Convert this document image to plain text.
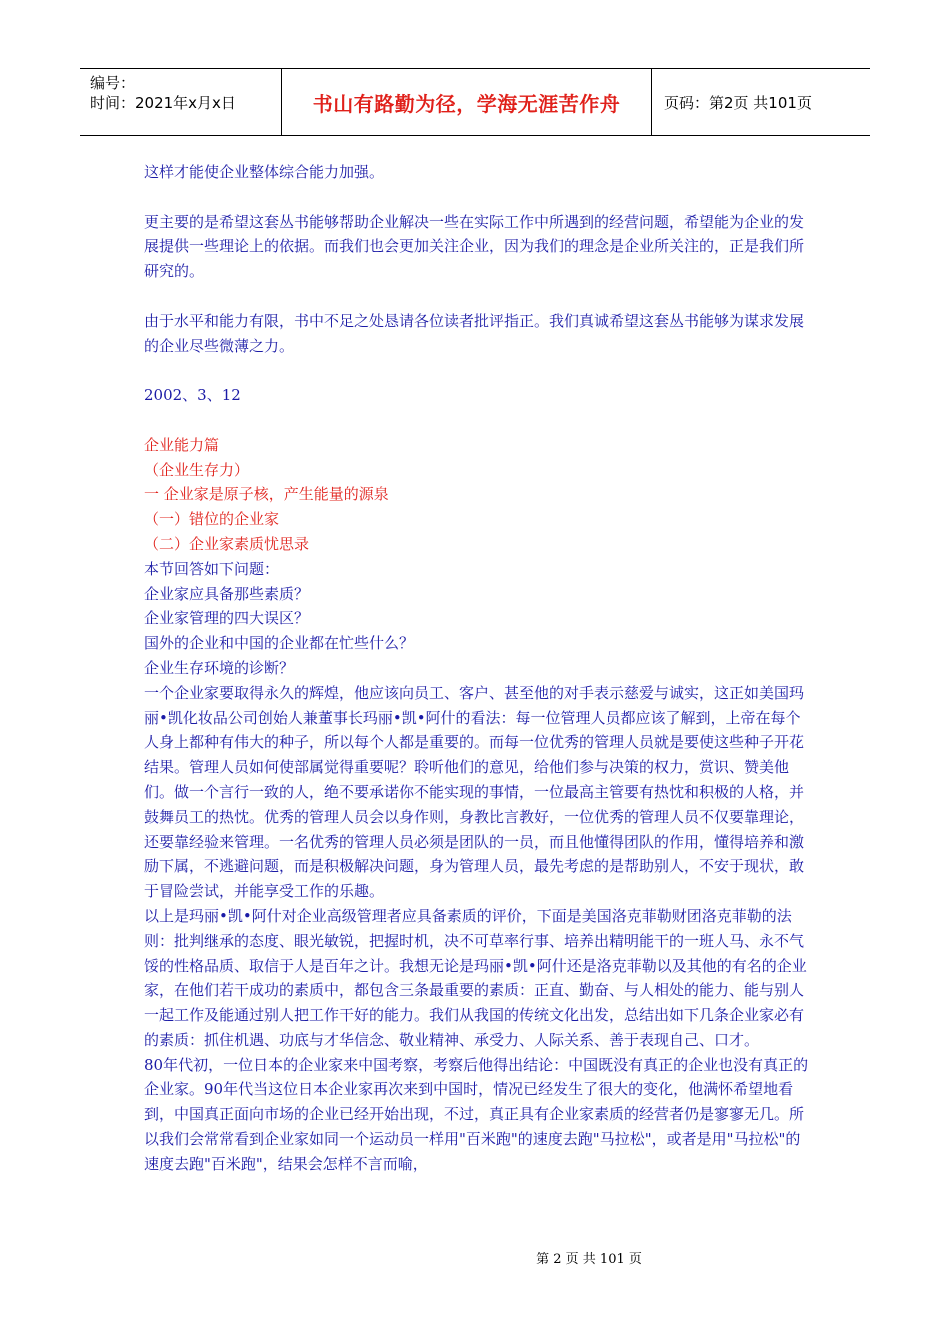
编号：
时间：2021年x月x日	书山有路勤为径，学海无涯苦作舟	页码：第2页 共101页

这样才能使企业整体综合能力加强。

更主要的是希望这套丛书能够帮助企业解决一些在实际工作中所遇到的经营问题，希望能为企业的发展提供一些理论上的依据。而我们也会更加关注企业，因为我们的理念是企业所关注的，正是我们所研究的。

由于水平和能力有限，书中不足之处恳请各位读者批评指正。我们真诚希望这套丛书能够为谋求发展的企业尽些微薄之力。

2002、3、12

企业能力篇

（企业生存力）

一 企业家是原子核，产生能量的源泉

（一）错位的企业家

（二）企业家素质忧思录

本节回答如下问题：

企业家应具备那些素质？

企业家管理的四大误区？

国外的企业和中国的企业都在忙些什么？

企业生存环境的诊断？

一个企业家要取得永久的辉煌，他应该向员工、客户、甚至他的对手表示慈爱与诚实，这正如美国玛丽•凯化妆品公司创始人兼董事长玛丽•凯•阿什的看法：每一位管理人员都应该了解到，上帝在每个人身上都种有伟大的种子，所以每个人都是重要的。而每一位优秀的管理人员就是要使这些种子开花结果。管理人员如何使部属觉得重要呢？聆听他们的意见，给他们参与决策的权力，赏识、赞美他们。做一个言行一致的人，绝不要承诺你不能实现的事情，一位最高主管要有热忱和积极的人格，并鼓舞员工的热忱。优秀的管理人员会以身作则，身教比言教好，一位优秀的管理人员不仅要靠理论，还要靠经验来管理。一名优秀的管理人员必须是团队的一员，而且他懂得团队的作用，懂得培养和激励下属，不逃避问题，而是积极解决问题，身为管理人员，最先考虑的是帮助别人，不安于现状，敢于冒险尝试，并能享受工作的乐趣。

以上是玛丽•凯•阿什对企业高级管理者应具备素质的评价，下面是美国洛克菲勒财团洛克菲勒的法则：批判继承的态度、眼光敏锐，把握时机，决不可草率行事、培养出精明能干的一班人马、永不气馁的性格品质、取信于人是百年之计。我想无论是玛丽•凯•阿什还是洛克菲勒以及其他的有名的企业家，在他们若干成功的素质中，都包含三条最重要的素质：正直、勤奋、与人相处的能力、能与别人一起工作及能通过别人把工作干好的能力。我们从我国的传统文化出发，总结出如下几条企业家必有的素质：抓住机遇、功底与才华信念、敬业精神、承受力、人际关系、善于表现自己、口才。

80年代初，一位日本的企业家来中国考察，考察后他得出结论：中国既没有真正的企业也没有真正的企业家。90年代当这位日本企业家再次来到中国时，情况已经发生了很大的变化，他满怀希望地看到，中国真正面向市场的企业已经开始出现，不过，真正具有企业家素质的经营者仍是寥寥无几。所以我们会常常看到企业家如同一个运动员一样用"百米跑"的速度去跑"马拉松"，或者是用"马拉松"的速度去跑"百米跑"，结果会怎样不言而喻，

第 2 页 共 101 页
